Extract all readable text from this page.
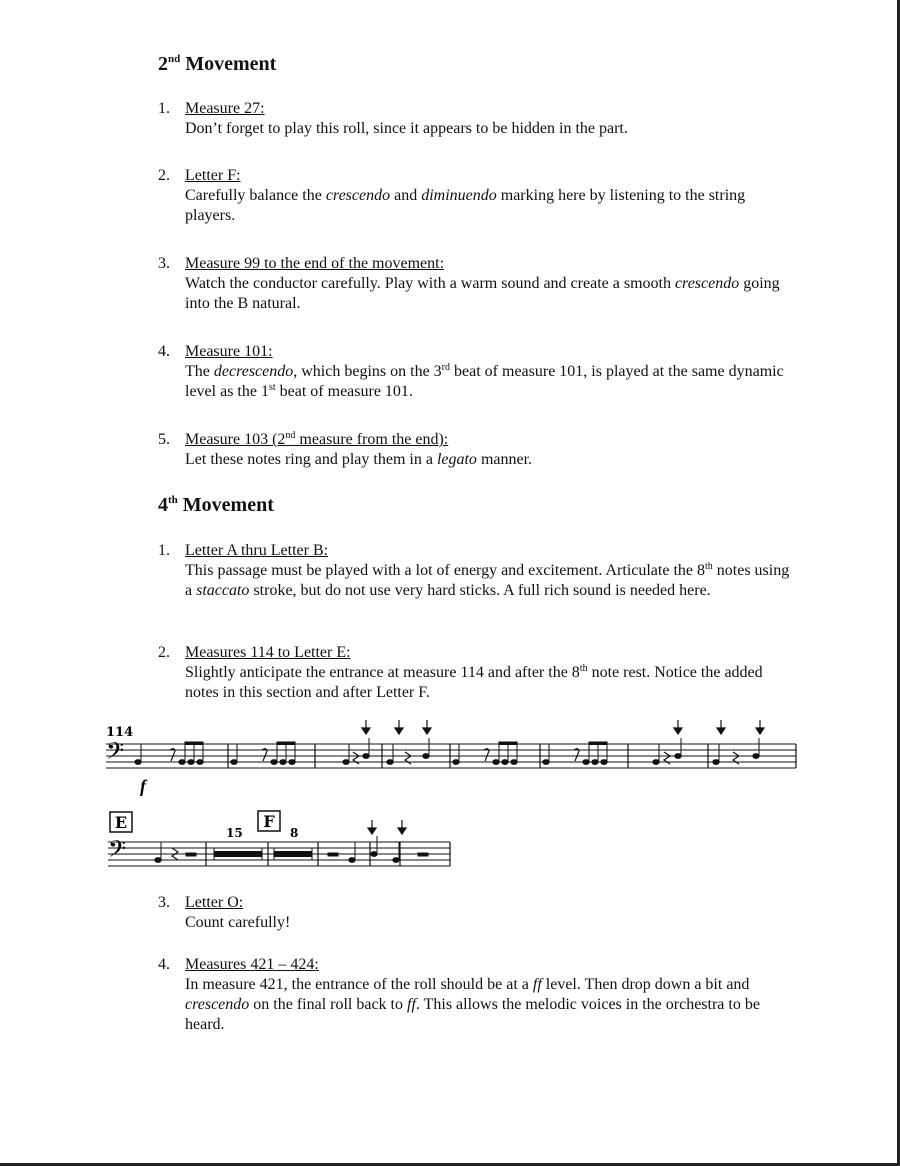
2nd Movement
1. Measure 27:
Don’t forget to play this roll, since it appears to be hidden in the part.
2. Letter F:
Carefully balance the crescendo and diminuendo marking here by listening to the string players.
3. Measure 99 to the end of the movement:
Watch the conductor carefully. Play with a warm sound and create a smooth crescendo going into the B natural.
4. Measure 101:
The decrescendo, which begins on the 3rd beat of measure 101, is played at the same dynamic level as the 1st beat of measure 101.
5. Measure 103 (2nd measure from the end):
Let these notes ring and play them in a legato manner.
4th Movement
1. Letter A thru Letter B:
This passage must be played with a lot of energy and excitement. Articulate the 8th notes using a staccato stroke, but do not use very hard sticks. A full rich sound is needed here.
2. Measures 114 to Letter E:
Slightly anticipate the entrance at measure 114 and after the 8th note rest. Notice the added notes in this section and after Letter F.
114
𝄢
f
E	F
15	8
𝄢
3. Letter O:
Count carefully!
4. Measures 421 – 424:
In measure 421, the entrance of the roll should be at a ff level. Then drop down a bit and crescendo on the final roll back to ff. This allows the melodic voices in the orchestra to be heard.
